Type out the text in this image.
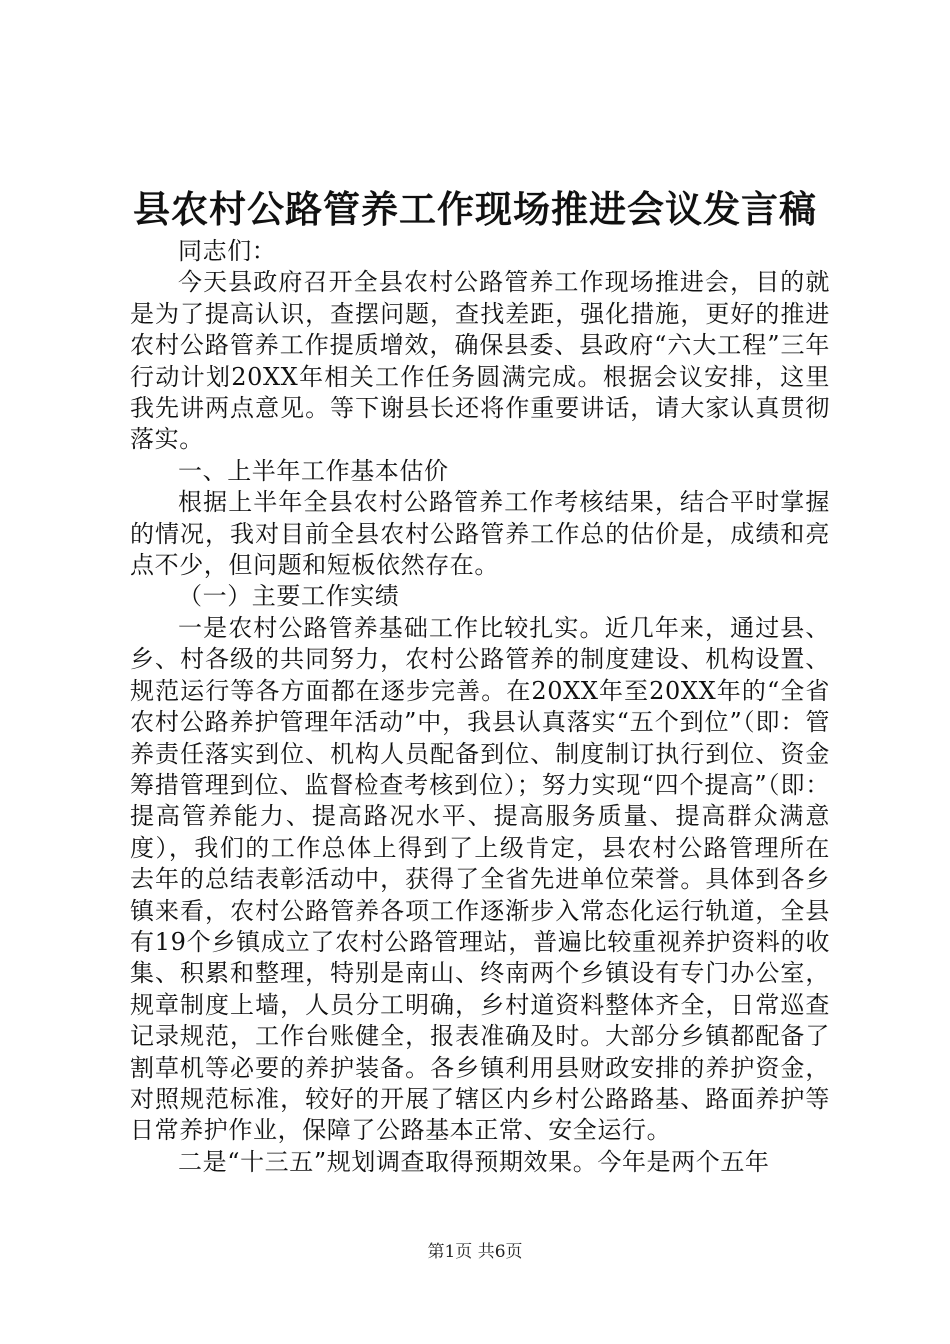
县农村公路管养工作现场推进会议发言稿

同志们：

今天县政府召开全县农村公路管养工作现场推进会，目的就是为了提高认识，查摆问题，查找差距，强化措施，更好的推进农村公路管养工作提质增效，确保县委、县政府“六大工程”三年行动计划20XX年相关工作任务圆满完成。根据会议安排，这里我先讲两点意见。等下谢县长还将作重要讲话，请大家认真贯彻落实。

一、上半年工作基本估价

根据上半年全县农村公路管养工作考核结果，结合平时掌握的情况，我对目前全县农村公路管养工作总的估价是，成绩和亮点不少，但问题和短板依然存在。

（一）主要工作实绩

一是农村公路管养基础工作比较扎实。近几年来，通过县、乡、村各级的共同努力，农村公路管养的制度建设、机构设置、规范运行等各方面都在逐步完善。在20XX年至20XX年的“全省农村公路养护管理年活动”中，我县认真落实“五个到位”（即：管养责任落实到位、机构人员配备到位、制度制订执行到位、资金筹措管理到位、监督检查考核到位）；努力实现“四个提高”（即：提高管养能力、提高路况水平、提高服务质量、提高群众满意度），我们的工作总体上得到了上级肯定，县农村公路管理所在去年的总结表彰活动中，获得了全省先进单位荣誉。具体到各乡镇来看，农村公路管养各项工作逐渐步入常态化运行轨道，全县有19个乡镇成立了农村公路管理站，普遍比较重视养护资料的收集、积累和整理，特别是南山、终南两个乡镇设有专门办公室，规章制度上墙，人员分工明确，乡村道资料整体齐全，日常巡查记录规范，工作台账健全，报表准确及时。大部分乡镇都配备了割草机等必要的养护装备。各乡镇利用县财政安排的养护资金，对照规范标准，较好的开展了辖区内乡村公路路基、路面养护等日常养护作业，保障了公路基本正常、安全运行。

二是“十三五”规划调查取得预期效果。今年是两个五年

第1页 共6页
